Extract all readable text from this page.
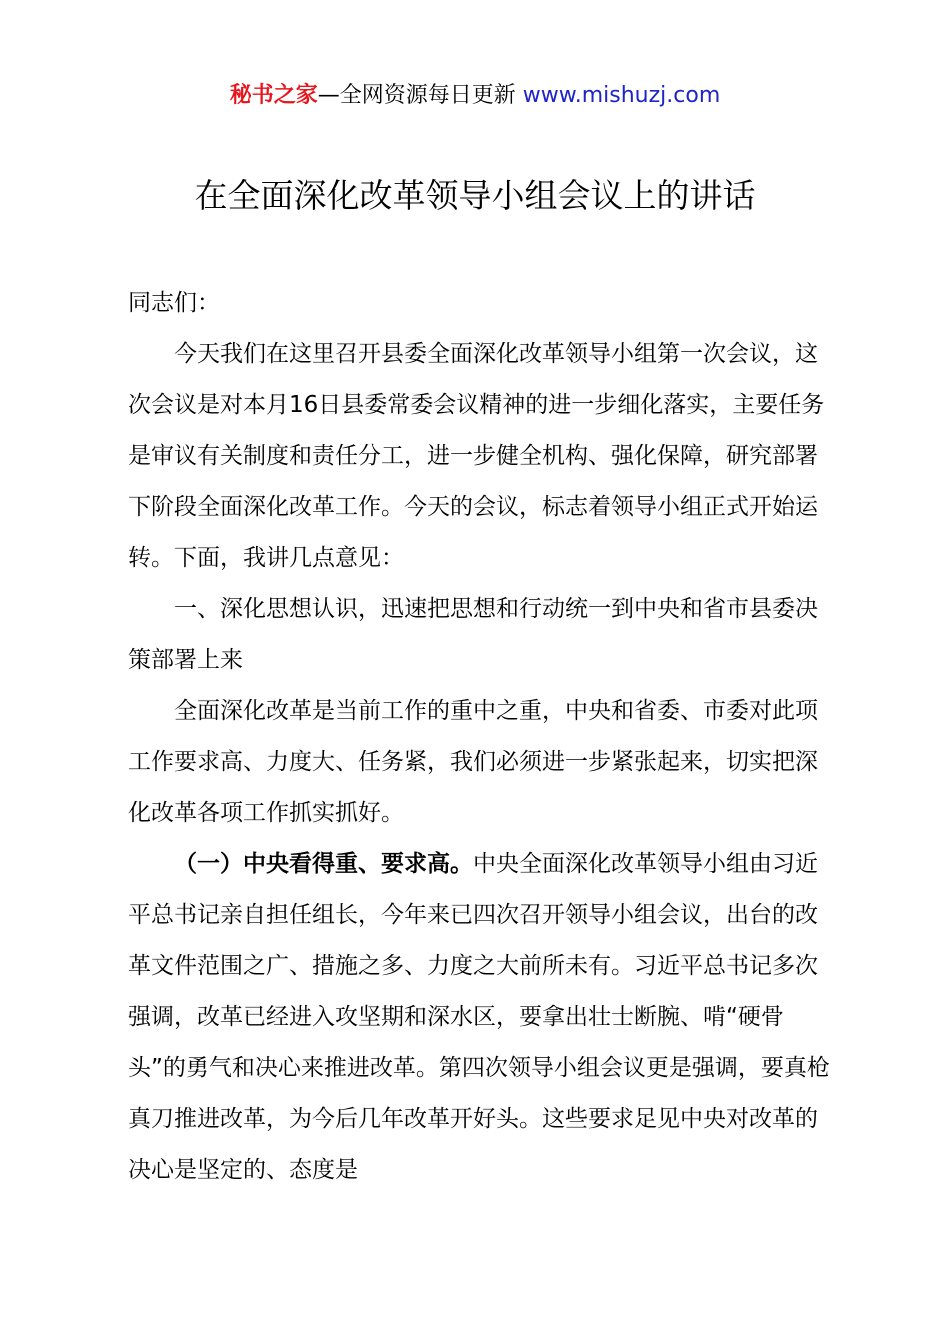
秘书之家—全网资源每日更新 www.mishuzj.com
在全面深化改革领导小组会议上的讲话

同志们：

今天我们在这里召开县委全面深化改革领导小组第一次会议，这次会议是对本月16日县委常委会议精神的进一步细化落实，主要任务是审议有关制度和责任分工，进一步健全机构、强化保障，研究部署下阶段全面深化改革工作。今天的会议，标志着领导小组正式开始运转。下面，我讲几点意见：

一、深化思想认识，迅速把思想和行动统一到中央和省市县委决策部署上来

全面深化改革是当前工作的重中之重，中央和省委、市委对此项工作要求高、力度大、任务紧，我们必须进一步紧张起来，切实把深化改革各项工作抓实抓好。

（一）中央看得重、要求高。中央全面深化改革领导小组由习近平总书记亲自担任组长，今年来已四次召开领导小组会议，出台的改革文件范围之广、措施之多、力度之大前所未有。习近平总书记多次强调，改革已经进入攻坚期和深水区，要拿出壮士断腕、啃“硬骨头”的勇气和决心来推进改革。第四次领导小组会议更是强调，要真枪真刀推进改革，为今后几年改革开好头。这些要求足见中央对改革的决心是坚定的、态度是
